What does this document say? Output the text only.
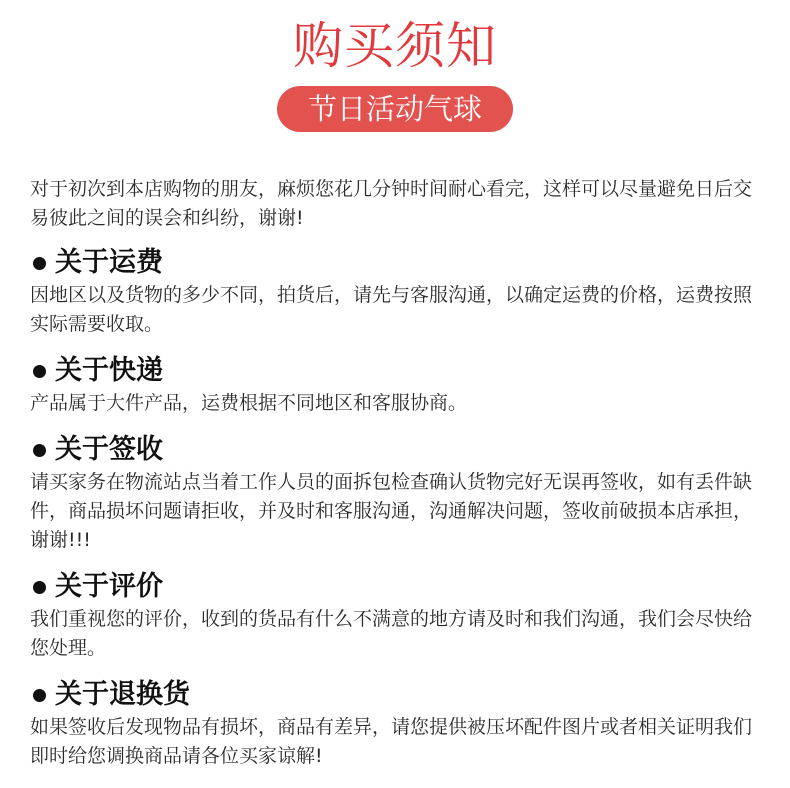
购买须知
节日活动气球
对于初次到本店购物的朋友，麻烦您花几分钟时间耐心看完，这样可以尽量避免日后交易彼此之间的误会和纠纷，谢谢!
关于运费
因地区以及货物的多少不同，拍货后，请先与客服沟通，以确定运费的价格，运费按照实际需要收取。
关于快递
产品属于大件产品，运费根据不同地区和客服协商。
关于签收
请买家务在物流站点当着工作人员的面拆包检查确认货物完好无误再签收，如有丢件缺件，商品损坏问题请拒收，并及时和客服沟通，沟通解决问题，签收前破损本店承担，谢谢!!!
关于评价
我们重视您的评价，收到的货品有什么不满意的地方请及时和我们沟通，我们会尽快给您处理。
关于退换货
如果签收后发现物品有损坏，商品有差异，请您提供被压坏配件图片或者相关证明我们即时给您调换商品请各位买家谅解!
